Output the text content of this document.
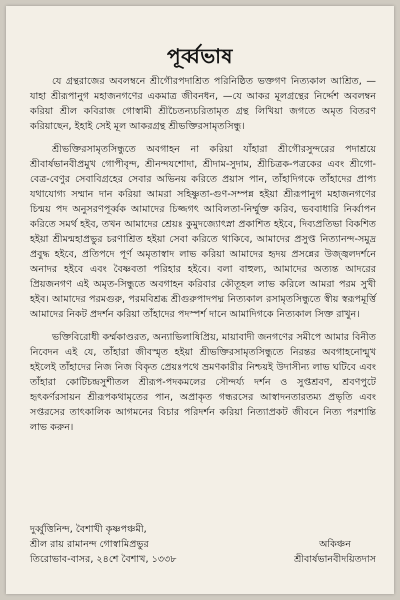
পূর্ব্বভাষ

যে গ্রন্থরাজের অবলম্বনে শ্রীগৌরপদাশ্রিত পরিনিষ্ঠিত ভক্তগণ নিত্যকাল আশ্রিত, —যাহা শ্রীরূপানুগ মহাজনগণের একমাত্র জীবনধন, —যে আকর মূলগ্রন্থের নির্দ্দেশ অবলম্বন করিয়া শ্রীল কবিরাজ গোস্বামী শ্রীচৈতন্যচরিতামৃত গ্রন্থ লিখিয়া জগতে অমৃত বিতরণ করিয়াছেন, ইহাই সেই মূল আকরগ্রন্থ শ্রীভক্তিরসামৃতসিন্ধু।

শ্রীভক্তিরসামৃতসিন্ধুতে অবগাহন না করিয়া যাঁহারা শ্রীগৌরসুন্দরের পদাশ্রয়ে শ্রীবার্ষভানবীপ্রমুখ গোপীবৃন্দ, শ্রীনন্দযশোদা, শ্রীদাম-সুদাম, শ্রীচিত্রক-পত্রকের এবং শ্রীগো-বেত্র-বেণুর সেবাবিগ্রহের সেবার অভিনয় করিতে প্রয়াস পান, তাঁহাদিগকে তাঁহাদের প্রাপ্য যথাযোগ্য সম্মান দান করিয়া আমরা সহিষ্ণুতা-গুণ-সম্পন্ন হইয়া শ্রীরূপানুগ মহাজনগণের চিন্ময় পদ অনুসরণপূর্ব্বক আমাদের চিজ্জগৎ আবিলতা-নির্ম্মুক্ত করিব, ভববাধারি নির্ব্বাপন করিতে সমর্থ হইব, তখন আমাদের শ্রেয়ঃ কুমুদজ্যোৎস্না প্রকাশিত হইবে, দিব্যপ্রতিভা বিকশিত হইয়া শ্রীমন্মহাপ্রভুর চরণাশ্রিত হইয়া সেবা করিতে থাকিবে, আমাদের প্রসুপ্ত নিত্যানন্দ-সমুদ্র প্রবুদ্ধ হইবে, প্রতিপদে পূর্ণ অমৃতাস্বাদ লাভ করিয়া আমাদের হৃদয় প্রসন্নের উজ্জ্বলদর্শনে অনাদর হইবে এবং বৈষ্ণবতা পরিহার হইবে। বলা বাহুল্য, আমাদের অত্যন্ত আদরের প্রিয়জনগণ এই অমৃত-সিন্ধুতে অবগাহন করিবার কৌতূহল লাভ করিলে আমরা পরম সুখী হইব। আমাদের পরমগুরু, পরমবিশ্রব্ধ শ্রীগুরুপাদপদ্ম নিত্যকাল রসামৃতসিন্ধুতে স্বীয় স্বরূপমূর্ত্তি আমাদের নিকট প্রদর্শন করিয়া তাঁহাদের পদস্পর্শ দানে আমাদিগকে নিত্যকাল সিক্ত রাখুন।

ভক্তিবিরোধী কর্ম্মকাণ্ডরত, অন্যাভিলাষিপ্রিয়, মায়াবাদী জনগণের সমীপে আমার বিনীত নিবেদন এই যে, তাঁহারা জীবস্মৃত হইয়া শ্রীভক্তিরসামৃতসিন্ধুতে নিরন্তর অবগাহনোন্মুখ হইলেই তাঁহাদের নিজ নিজ বিকৃত প্রেয়ঃপথে ভ্রমণকারীর নিশ্চয়ই উদাসীন্য লাভ ঘটিবে এবং তাঁহারা কোটিচন্দ্রসুশীতল শ্রীরূপ-পদকমলের সৌন্দর্য্য দর্শন ও সুপ্তশ্রবণ, শ্রবণপুটে হৃৎকর্ণরসায়ন শ্রীরূপকথামৃতের পান, অপ্রাকৃত গন্ধরসের আস্বাদনতারতম্য প্রভৃতি এবং সপ্তরসের তাৎকালিক আগমনের বিচার পরিদর্শন করিয়া নিত্যাপ্রকট জীবনে নিত্য পরশান্তি লাভ করুন।

দুর্ব্বুত্তিনিন্দ, বৈশাখী কৃষ্ণপঞ্চমী,
শ্রীল রায় রামানন্দ গোস্বামিপ্রভুর
তিরোভাব-বাসর, ২৪শে বৈশাখ, ১৩৩৮
অকিঞ্চন
শ্রীবার্ষভানবীদয়িতদাস
